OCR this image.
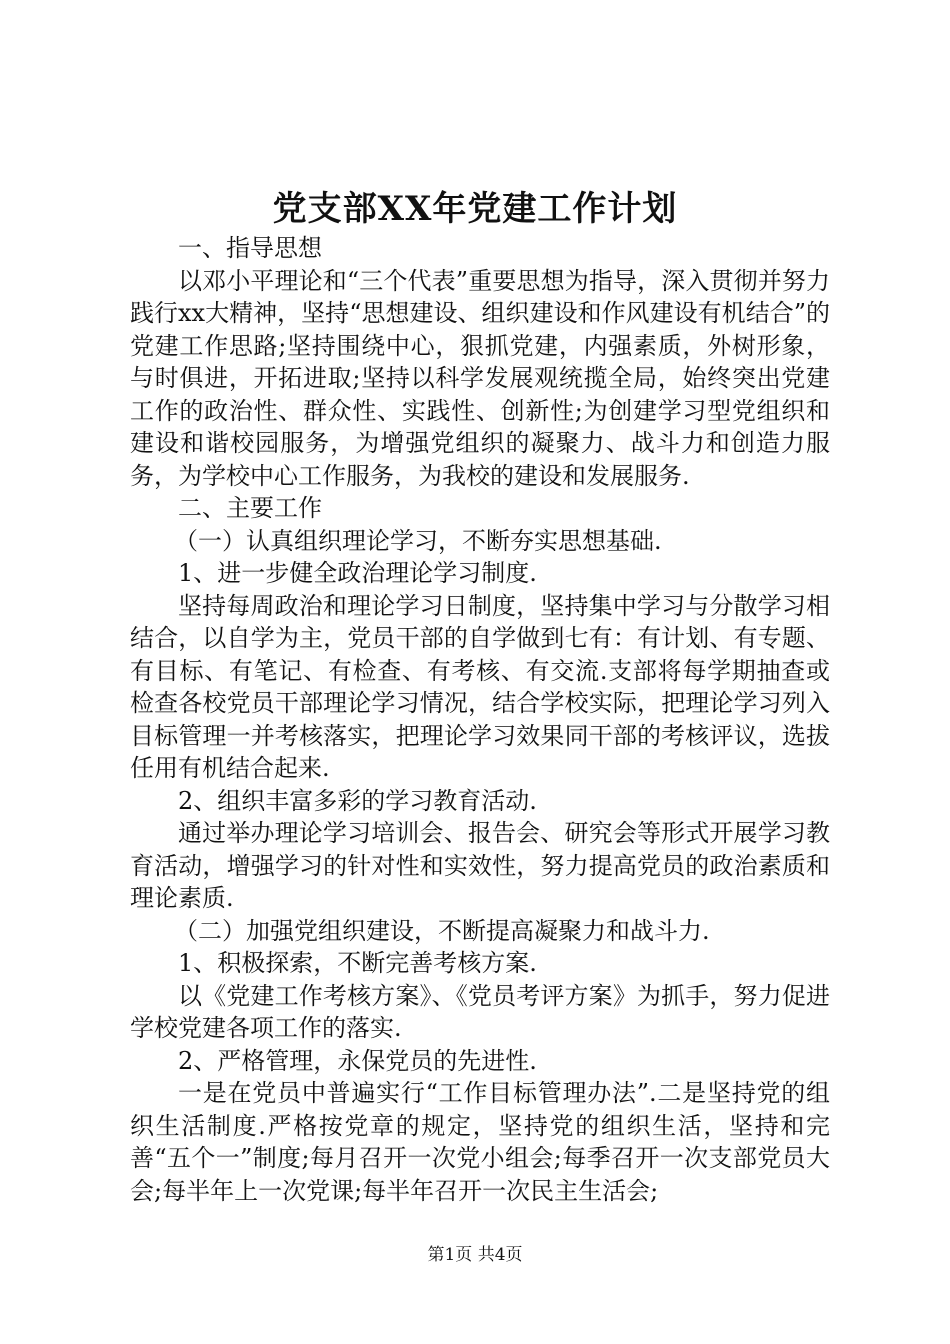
党支部XX年党建工作计划

一、指导思想

以邓小平理论和“三个代表”重要思想为指导，深入贯彻并努力践行xx大精神，坚持“思想建设、组织建设和作风建设有机结合”的党建工作思路;坚持围绕中心，狠抓党建，内强素质，外树形象，与时俱进，开拓进取;坚持以科学发展观统揽全局，始终突出党建工作的政治性、群众性、实践性、创新性;为创建学习型党组织和建设和谐校园服务，为增强党组织的凝聚力、战斗力和创造力服务，为学校中心工作服务，为我校的建设和发展服务.

二、主要工作

（一）认真组织理论学习，不断夯实思想基础.

1、进一步健全政治理论学习制度.

坚持每周政治和理论学习日制度，坚持集中学习与分散学习相结合，以自学为主，党员干部的自学做到七有：有计划、有专题、有目标、有笔记、有检查、有考核、有交流.支部将每学期抽查或检查各校党员干部理论学习情况，结合学校实际，把理论学习列入目标管理一并考核落实，把理论学习效果同干部的考核评议，选拔任用有机结合起来.

2、组织丰富多彩的学习教育活动.

通过举办理论学习培训会、报告会、研究会等形式开展学习教育活动，增强学习的针对性和实效性，努力提高党员的政治素质和理论素质.

（二）加强党组织建设，不断提高凝聚力和战斗力.

1、积极探索，不断完善考核方案.

以《党建工作考核方案》、《党员考评方案》为抓手，努力促进学校党建各项工作的落实.

2、严格管理，永保党员的先进性.

一是在党员中普遍实行“工作目标管理办法”.二是坚持党的组织生活制度.严格按党章的规定，坚持党的组织生活，坚持和完善“五个一”制度;每月召开一次党小组会;每季召开一次支部党员大会;每半年上一次党课;每半年召开一次民主生活会;

第1页 共4页
